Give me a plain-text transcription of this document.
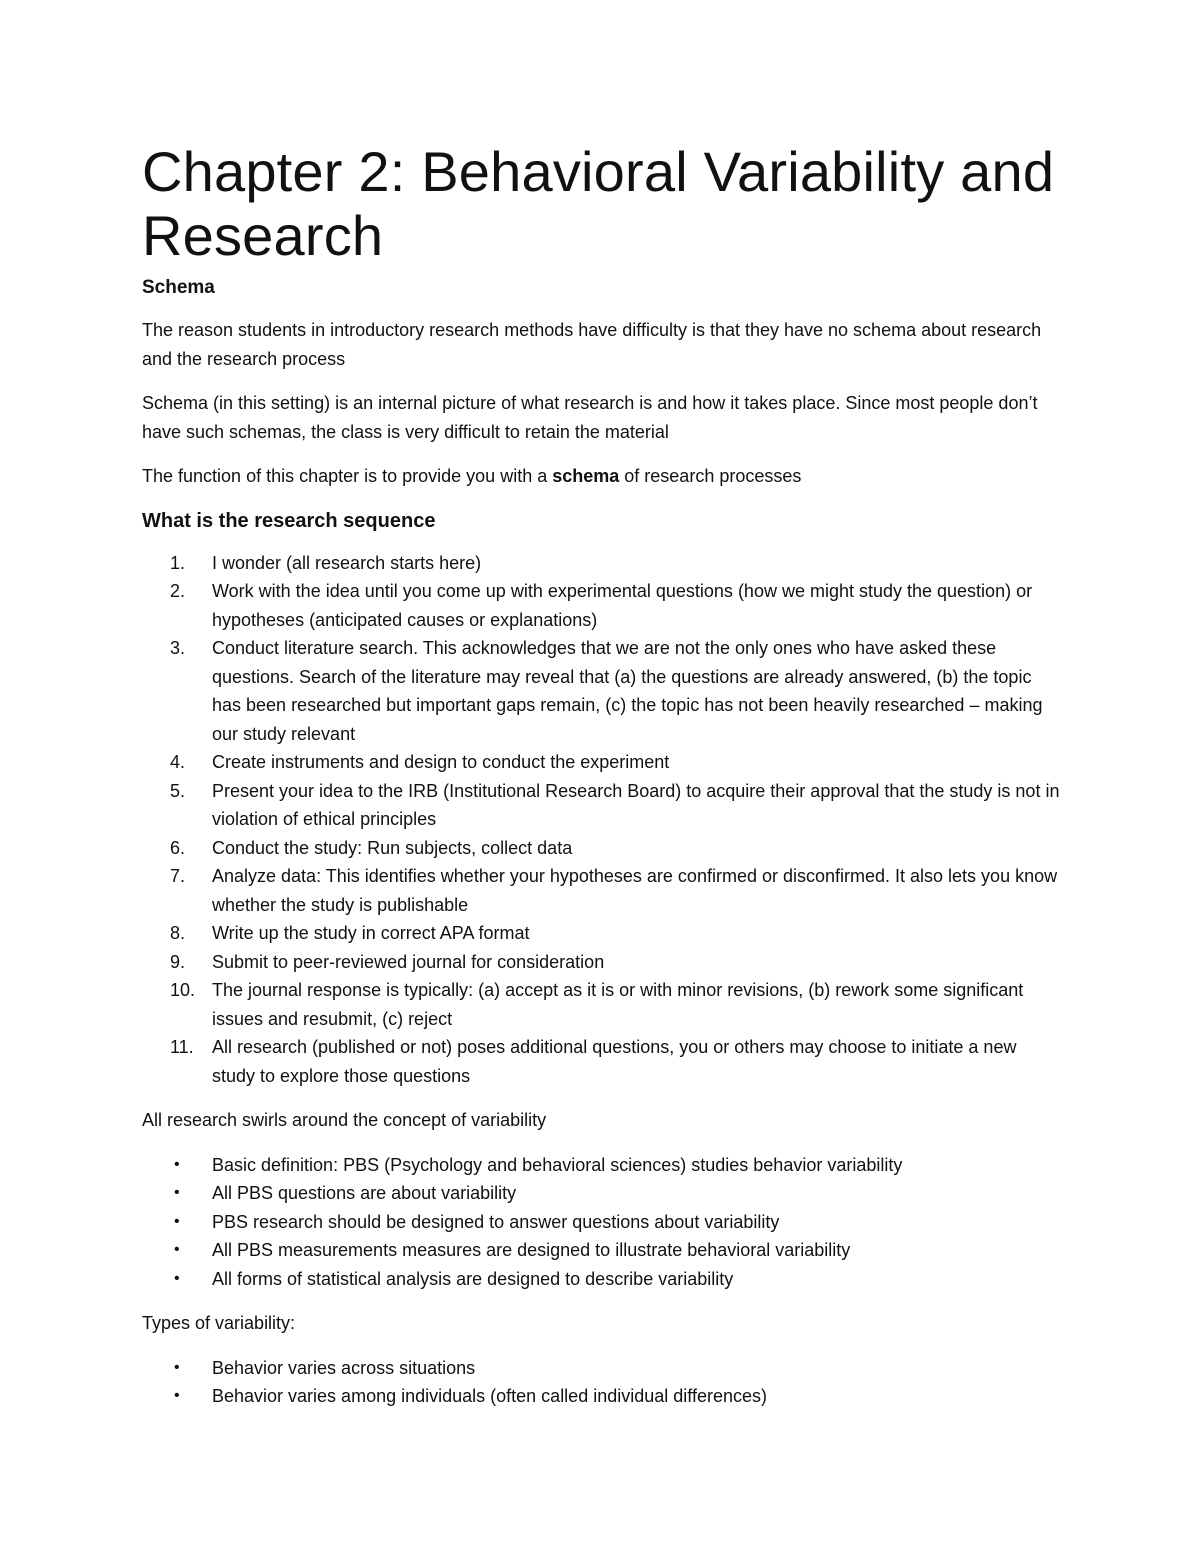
Chapter 2: Behavioral Variability and Research
Schema

The reason students in introductory research methods have difficulty is that they have no schema about research and the research process

Schema (in this setting) is an internal picture of what research is and how it takes place. Since most people don’t have such schemas, the class is very difficult to retain the material

The function of this chapter is to provide you with a schema of research processes

What is the research sequence
1.	I wonder (all research starts here)
2.	Work with the idea until you come up with experimental questions (how we might study the question) or hypotheses (anticipated causes or explanations)
3.	Conduct literature search. This acknowledges that we are not the only ones who have asked these questions. Search of the literature may reveal that (a) the questions are already answered, (b) the topic has been researched but important gaps remain, (c) the topic has not been heavily researched – making our study relevant
4.	Create instruments and design to conduct the experiment
5.	Present your idea to the IRB (Institutional Research Board) to acquire their approval that the study is not in violation of ethical principles
6.	Conduct the study: Run subjects, collect data
7.	Analyze data: This identifies whether your hypotheses are confirmed or disconfirmed. It also lets you know whether the study is publishable
8.	Write up the study in correct APA format
9.	Submit to peer-reviewed journal for consideration
10. The journal response is typically: (a) accept as it is or with minor revisions, (b) rework some significant issues and resubmit, (c) reject
11.	All research (published or not) poses additional questions, you or others may choose to initiate a new study to explore those questions

All research swirls around the concept of variability

• Basic definition: PBS (Psychology and behavioral sciences) studies behavior variability
• All PBS questions are about variability
• PBS research should be designed to answer questions about variability
• All PBS measurements measures are designed to illustrate behavioral variability
• All forms of statistical analysis are designed to describe variability

Types of variability:

• Behavior varies across situations
• Behavior varies among individuals (often called individual differences)
